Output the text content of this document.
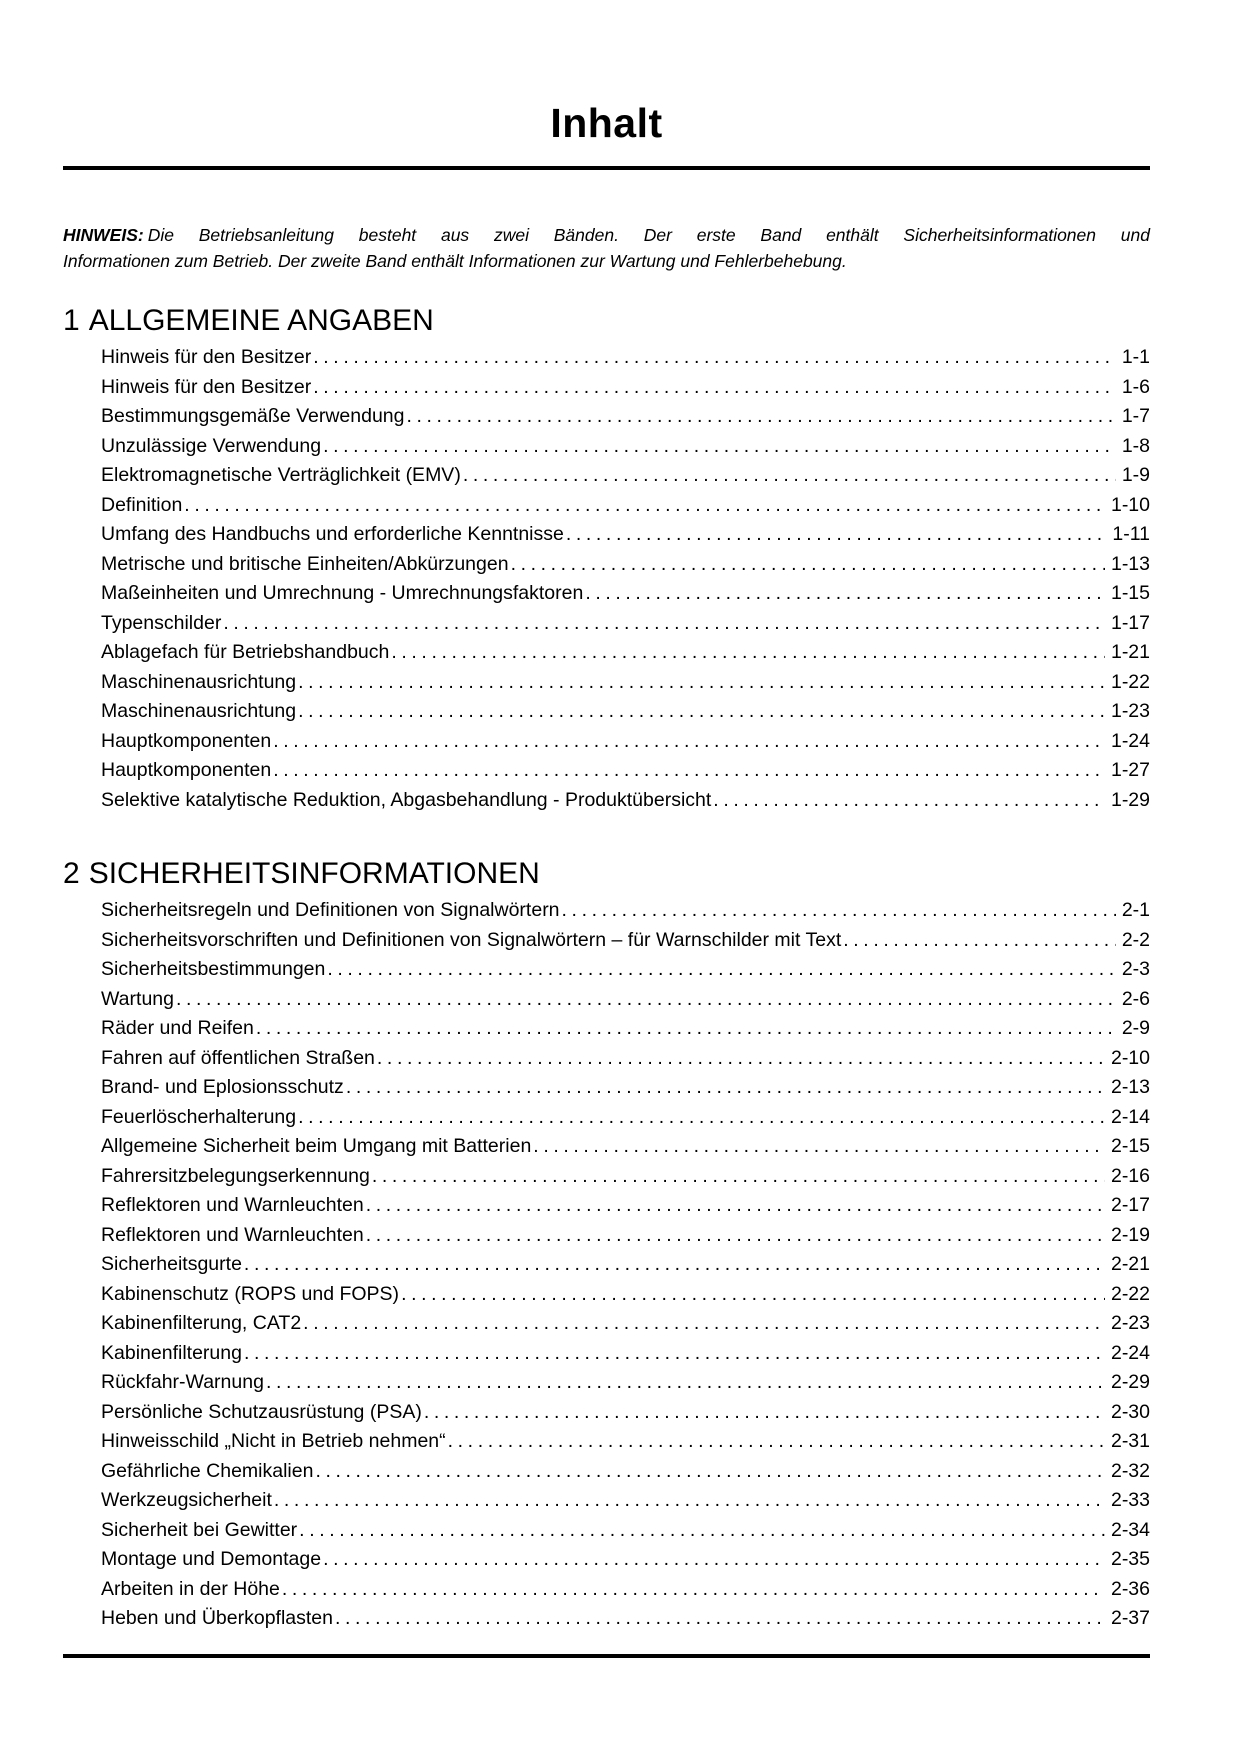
Inhalt

HINWEIS: Die Betriebsanleitung besteht aus zwei Bänden. Der erste Band enthält Sicherheitsinformationen und

Informationen zum Betrieb. Der zweite Band enthält Informationen zur Wartung und Fehlerbehebung.

1 ALLGEMEINE ANGABEN
Hinweis für den Besitzer .....	1-1
Hinweis für den Besitzer .....	1-6
Bestimmungsgemäße Verwendung .....	1-7
Unzulässige Verwendung .....	1-8
Elektromagnetische Verträglichkeit (EMV) .....	1-9
Definition .....	1-10
Umfang des Handbuchs und erforderliche Kenntnisse .....	1-11
Metrische und britische Einheiten/Abkürzungen .....	1-13
Maßeinheiten und Umrechnung - Umrechnungsfaktoren .....	1-15
Typenschilder .....	1-17
Ablagefach für Betriebshandbuch .....	1-21
Maschinenausrichtung .....	1-22
Maschinenausrichtung .....	1-23
Hauptkomponenten .....	1-24
Hauptkomponenten .....	1-27
Selektive katalytische Reduktion, Abgasbehandlung - Produktübersicht .....	1-29
2 SICHERHEITSINFORMATIONEN
Sicherheitsregeln und Definitionen von Signalwörtern .....	2-1
Sicherheitsvorschriften und Definitionen von Signalwörtern – für Warnschilder mit Text .....	2-2
Sicherheitsbestimmungen .....	2-3
Wartung .....	2-6
Räder und Reifen .....	2-9
Fahren auf öffentlichen Straßen .....	2-10
Brand- und Eplosionsschutz .....	2-13
Feuerlöscherhalterung .....	2-14
Allgemeine Sicherheit beim Umgang mit Batterien .....	2-15
Fahrersitzbelegungserkennung .....	2-16
Reflektoren und Warnleuchten .....	2-17
Reflektoren und Warnleuchten .....	2-19
Sicherheitsgurte .....	2-21
Kabinenschutz (ROPS und FOPS) .....	2-22
Kabinenfilterung, CAT2 .....	2-23
Kabinenfilterung .....	2-24
Rückfahr-Warnung .....	2-29
Persönliche Schutzausrüstung (PSA) .....	2-30
Hinweisschild „Nicht in Betrieb nehmen“ .....	2-31
Gefährliche Chemikalien .....	2-32
Werkzeugsicherheit .....	2-33
Sicherheit bei Gewitter .....	2-34
Montage und Demontage .....	2-35
Arbeiten in der Höhe .....	2-36
Heben und Überkopflasten .....	2-37
